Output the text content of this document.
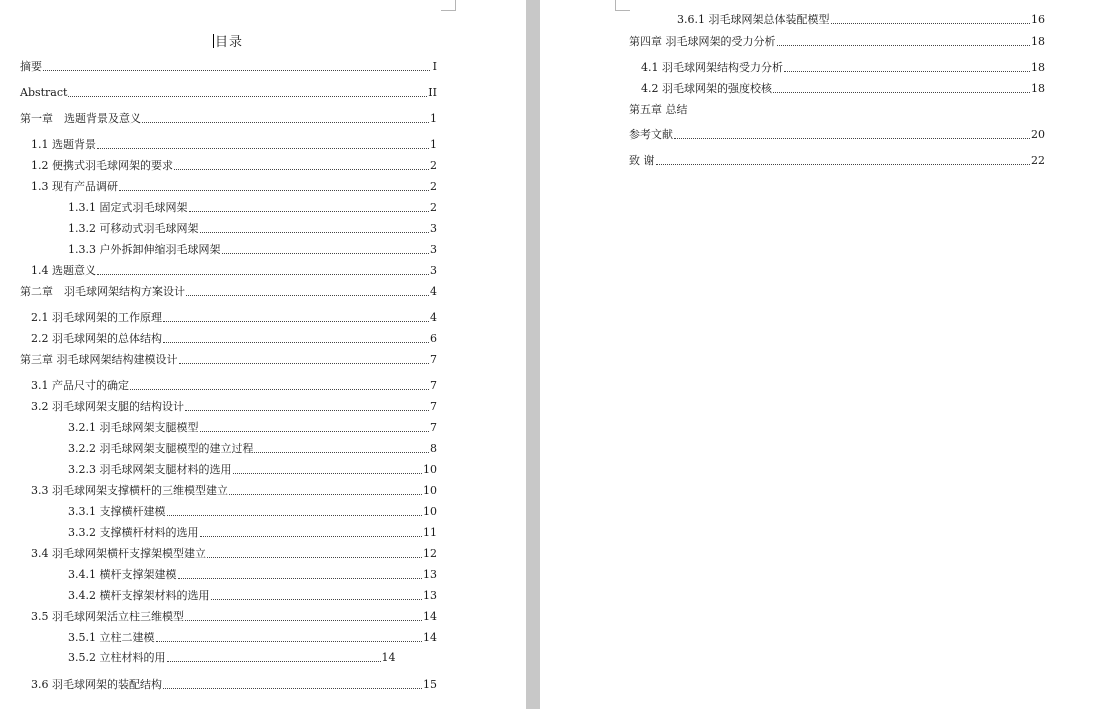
目录
摘要	I
Abstract	II
第一章　选题背景及意义	1
1.1 选题背景	1
1.2 便携式羽毛球网架的要求	2
1.3 现有产品调研	2
1.3.1 固定式羽毛球网架	2
1.3.2 可移动式羽毛球网架	3
1.3.3 户外拆卸伸缩羽毛球网架	3
1.4 选题意义	3
第二章　羽毛球网架结构方案设计	4
2.1 羽毛球网架的工作原理	4
2.2 羽毛球网架的总体结构	6
第三章 羽毛球网架结构建模设计	7
3.1 产品尺寸的确定	7
3.2 羽毛球网架支腿的结构设计	7
3.2.1 羽毛球网架支腿模型	7
3.2.2 羽毛球网架支腿模型的建立过程	8
3.2.3 羽毛球网架支腿材料的选用	10
3.3 羽毛球网架支撑横杆的三维模型建立	10
3.3.1 支撑横杆建模	10
3.3.2 支撑横杆材料的选用	11
3.4 羽毛球网架横杆支撑架模型建立	12
3.4.1 横杆支撑架建模	13
3.4.2 横杆支撑架材料的选用	13
3.5 羽毛球网架活立柱三维模型	14
3.5.1 立柱二建模	14
3.5.2 立柱材料的用	14
3.6 羽毛球网架的装配结构	15
3.6.1 羽毛球网架总体装配模型	16
第四章 羽毛球网架的受力分析	18
4.1 羽毛球网架结构受力分析	18
4.2 羽毛球网架的强度校核	18
第五章 总结
参考文献	20
致 谢	22
